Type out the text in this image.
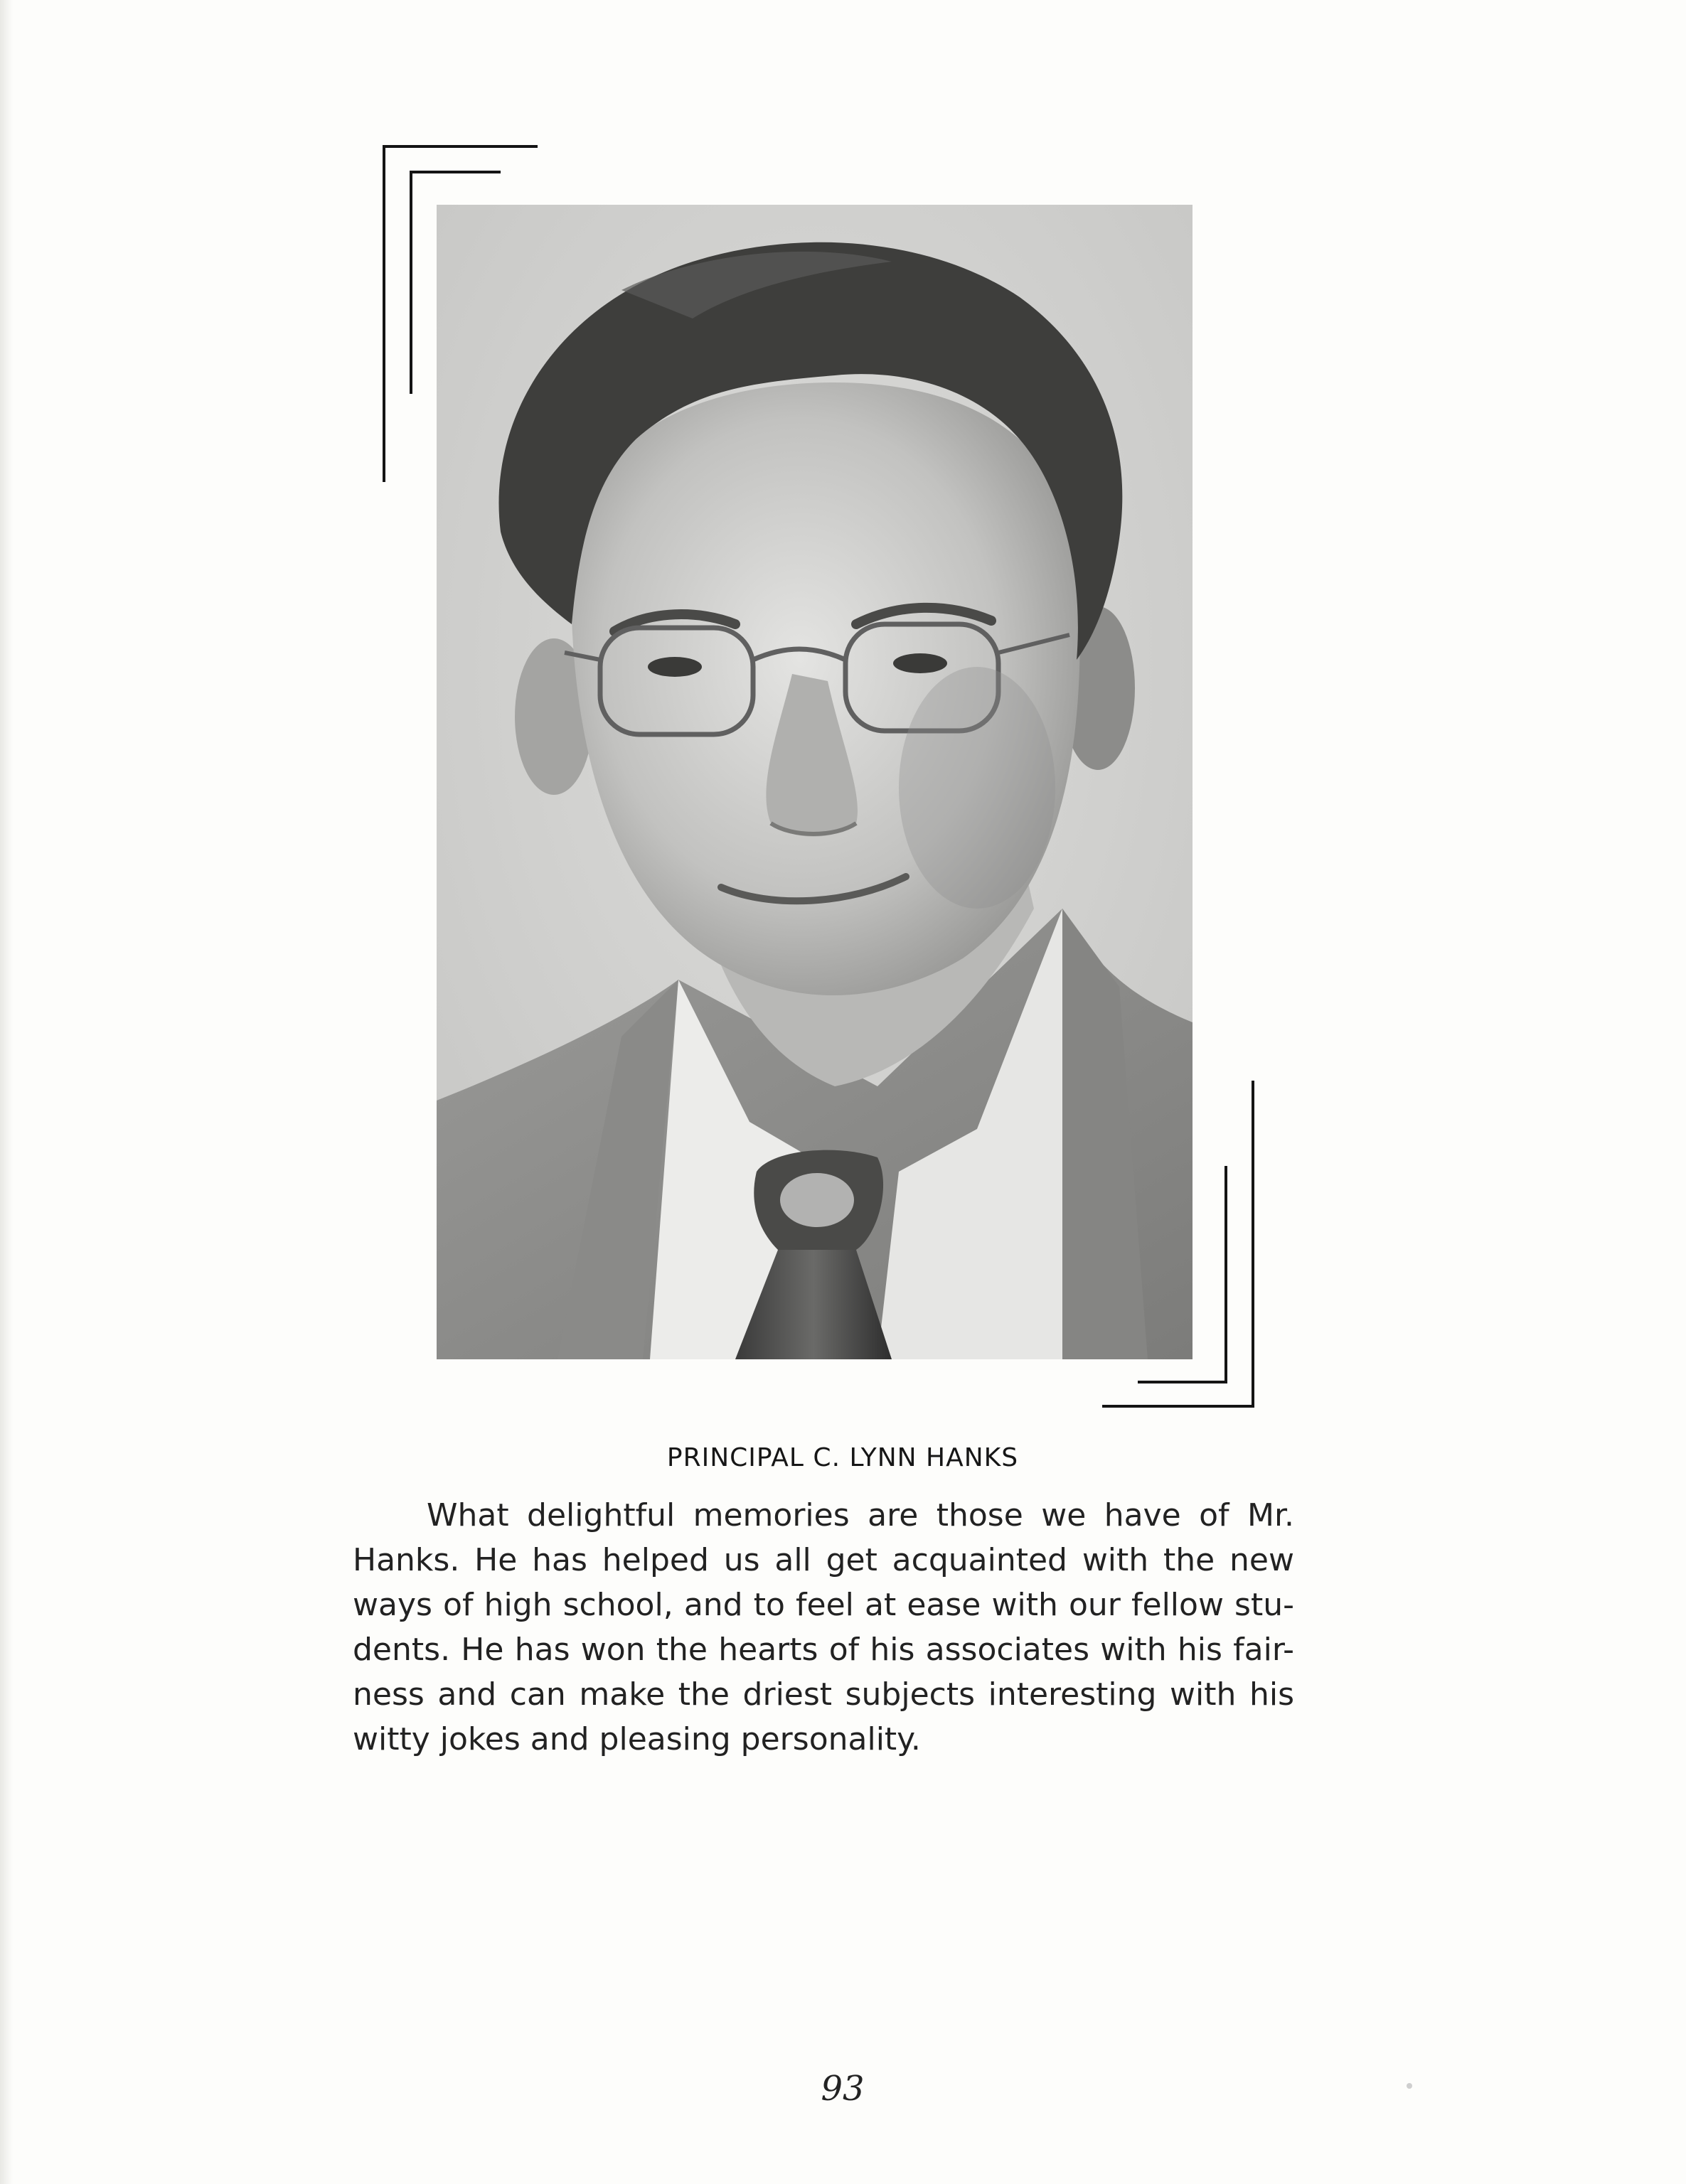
PRINCIPAL C. LYNN HANKS
What delightful memories are those we have of Mr.
Hanks. He has helped us all get acquainted with the new
ways of high school, and to feel at ease with our fellow stu-
dents. He has won the hearts of his associates with his fair-
ness and can make the driest subjects interesting with his
witty jokes and pleasing personality.
93
